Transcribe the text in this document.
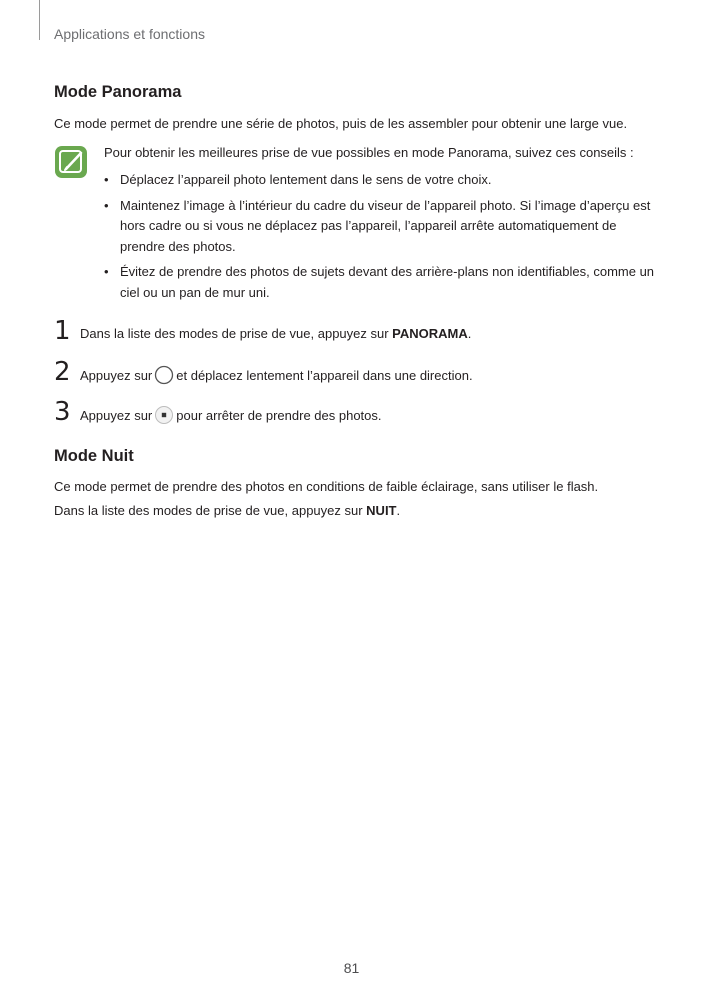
Applications et fonctions
Mode Panorama
Ce mode permet de prendre une série de photos, puis de les assembler pour obtenir une large vue.
Pour obtenir les meilleures prise de vue possibles en mode Panorama, suivez ces conseils :
• Déplacez l’appareil photo lentement dans le sens de votre choix.
• Maintenez l’image à l’intérieur du cadre du viseur de l’appareil photo. Si l’image d’aperçu est hors cadre ou si vous ne déplacez pas l’appareil, l’appareil arrête automatiquement de prendre des photos.
• Évitez de prendre des photos de sujets devant des arrière-plans non identifiables, comme un ciel ou un pan de mur uni.
1 Dans la liste des modes de prise de vue, appuyez sur PANORAMA.
2 Appuyez sur et déplacez lentement l’appareil dans une direction.
3 Appuyez sur pour arrêter de prendre des photos.
Mode Nuit
Ce mode permet de prendre des photos en conditions de faible éclairage, sans utiliser le flash.
Dans la liste des modes de prise de vue, appuyez sur NUIT.
81
